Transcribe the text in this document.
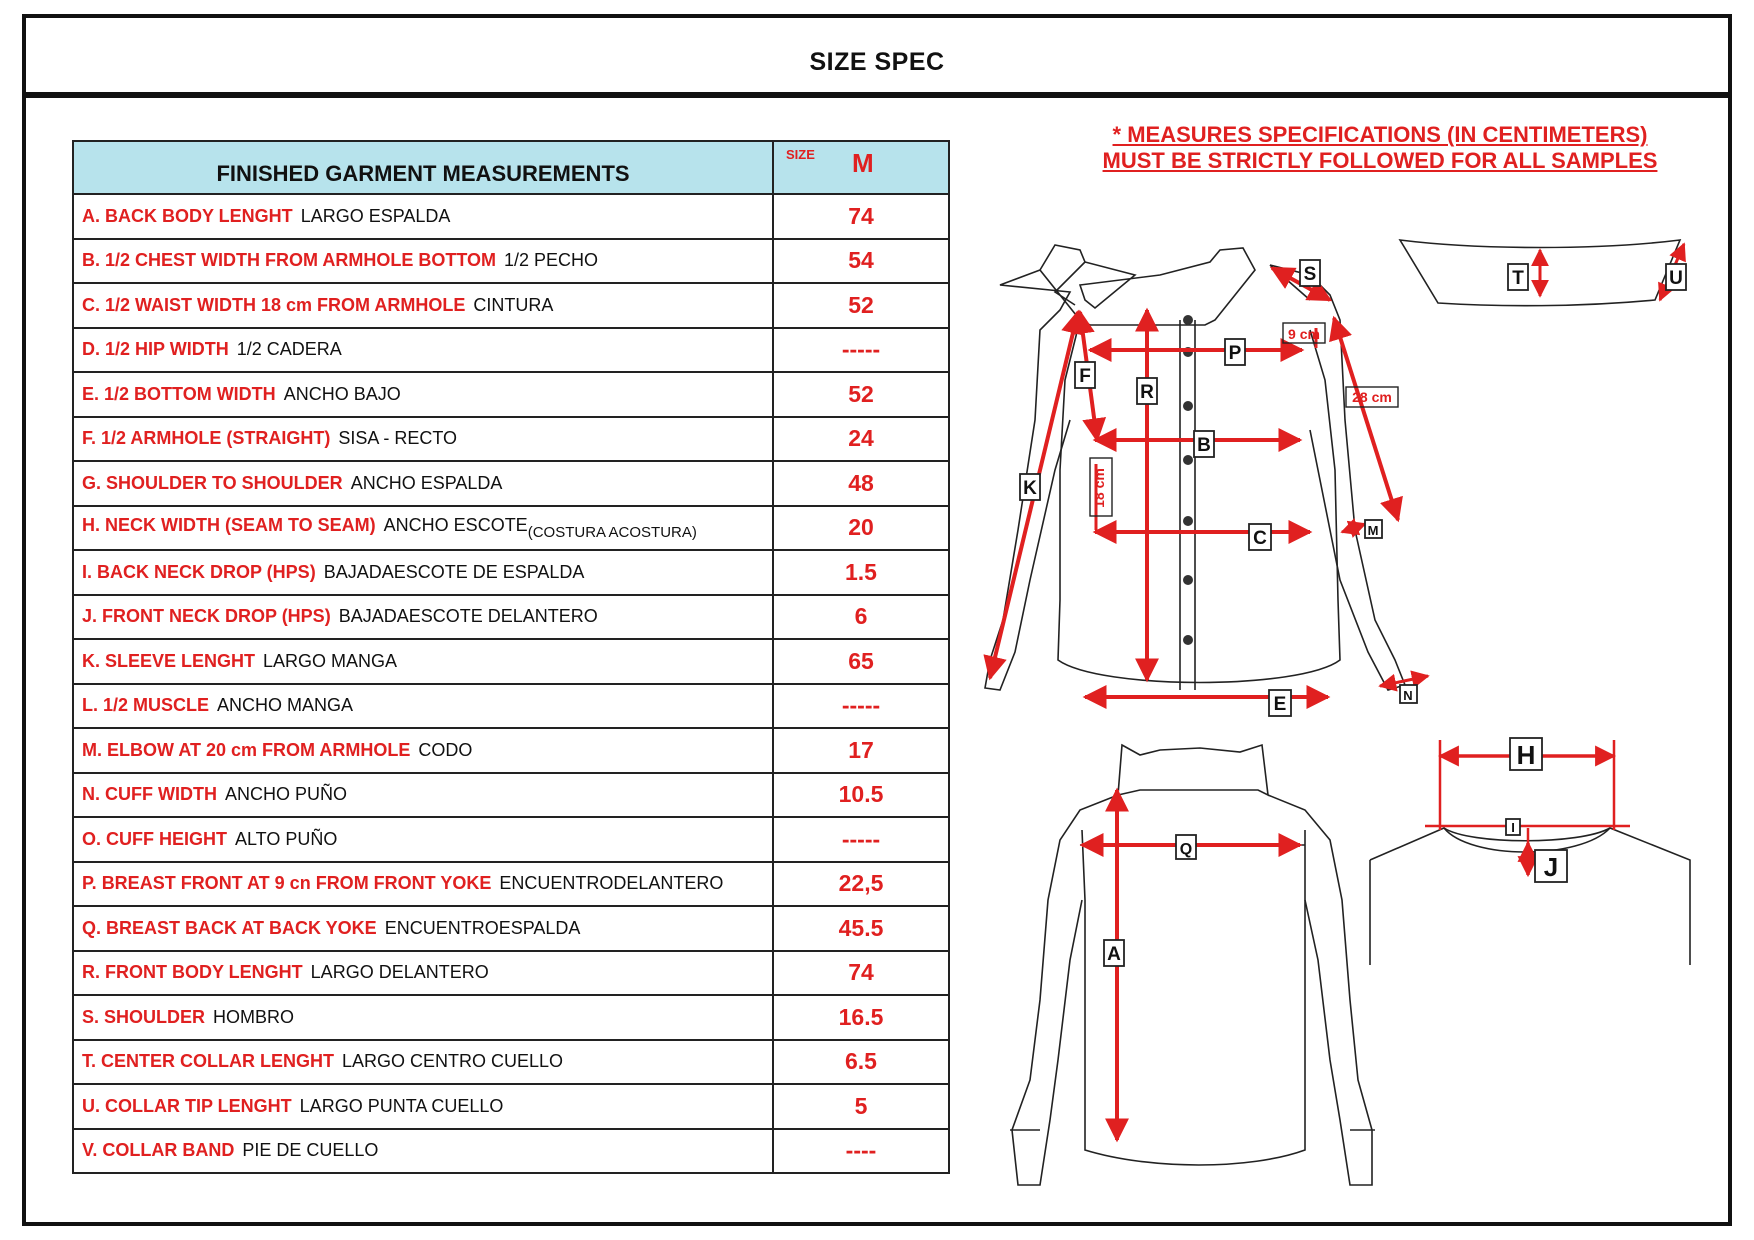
SIZE SPEC
FINISHED GARMENT MEASUREMENTS	SIZE M

A. BACK BODY LENGHT LARGO ESPALDA	74
B. 1/2 CHEST WIDTH FROM ARMHOLE BOTTOM 1/2 PECHO	54
C. 1/2 WAIST WIDTH 18 cm FROM ARMHOLE CINTURA	52
D. 1/2 HIP WIDTH 1/2 CADERA	-----
E. 1/2 BOTTOM WIDTH ANCHO BAJO	52
F. 1/2 ARMHOLE (STRAIGHT) SISA - RECTO	24
G. SHOULDER TO SHOULDER ANCHO ESPALDA	48
H. NECK WIDTH (SEAM TO SEAM) ANCHO $ESCOTE_{(COSTURA ACOSTURA)}$	20
I. BACK NECK DROP (HPS) BAJADAESCOTE DE ESPALDA	1.5
J. FRONT NECK DROP (HPS) BAJADAESCOTE DELANTERO	6
K. SLEEVE LENGHT LARGO MANGA	65
L. 1/2 MUSCLE ANCHO MANGA	-----
M. ELBOW AT 20 cm FROM ARMHOLE CODO	17
N. CUFF WIDTH ANCHO PUÑO	10.5
O. CUFF HEIGHT ALTO PUÑO	-----
P. BREAST FRONT AT 9 cn FROM FRONT YOKE ENCUENTRODELANTERO	22,5
Q. BREAST BACK AT BACK YOKE ENCUENTROESPALDA	45.5
R. FRONT BODY LENGHT LARGO DELANTERO	74
S. SHOULDER HOMBRO	16.5
T. CENTER COLLAR LENGHT LARGO CENTRO CUELLO	6.5
U. COLLAR TIP LENGHT LARGO PUNTA CUELLO	5
V. COLLAR BAND PIE DE CUELLO	----
* MEASURES SPECIFICATIONS (IN CENTIMETERS)
MUST BE STRICTLY FOLLOWED FOR ALL SAMPLES
R
B
C
E
F
K
P
S
M
N
A
Q
T	U
H
I
J
9 cm
28 cm
18 cm
